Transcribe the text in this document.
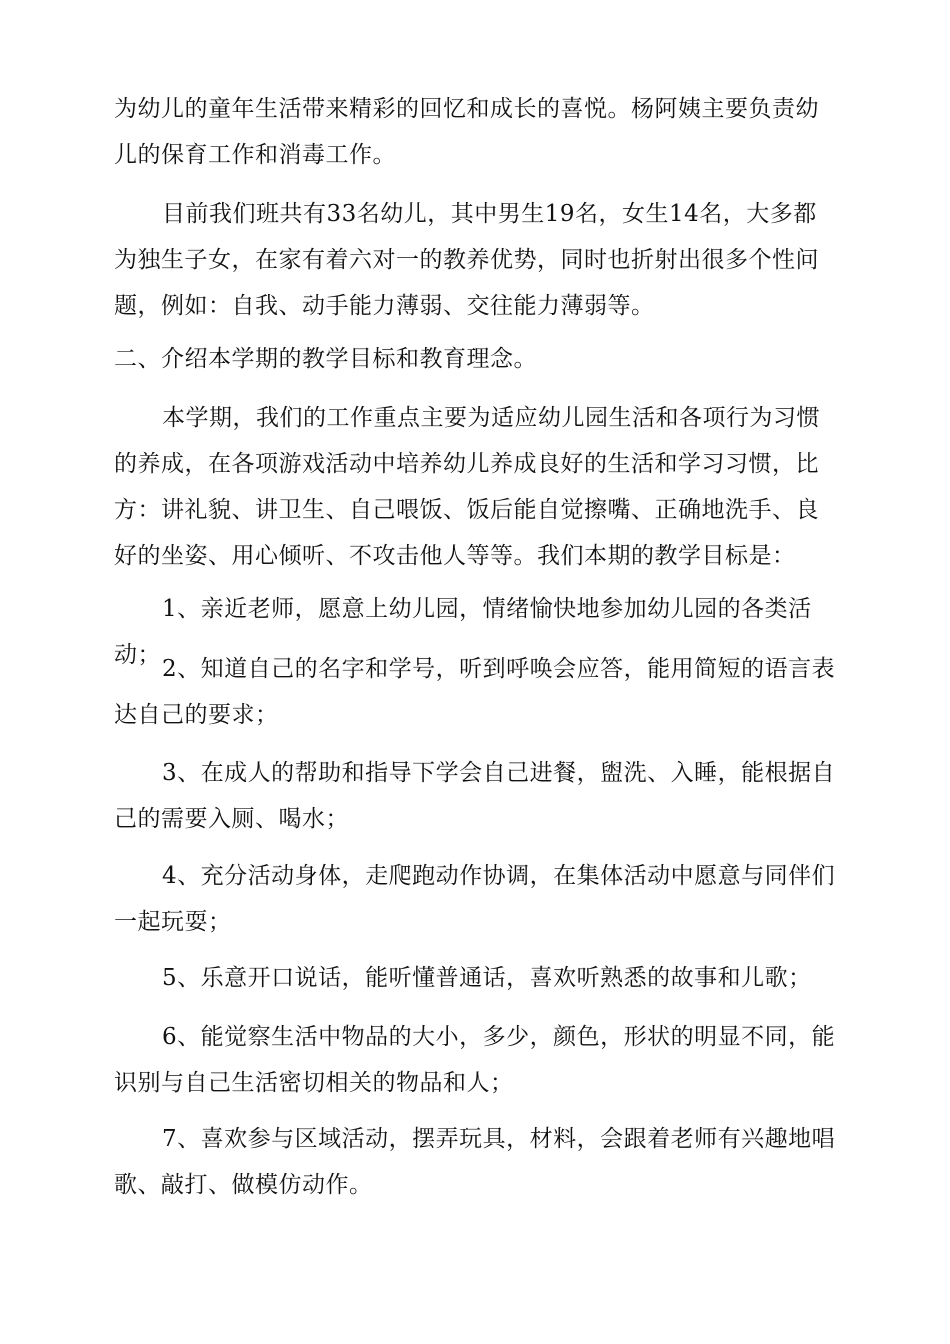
为幼儿的童年生活带来精彩的回忆和成长的喜悦。杨阿姨主要负责幼儿的保育工作和消毒工作。

目前我们班共有33名幼儿，其中男生19名，女生14名，大多都为独生子女，在家有着六对一的教养优势，同时也折射出很多个性问题，例如：自我、动手能力薄弱、交往能力薄弱等。

二、介绍本学期的教学目标和教育理念。

本学期，我们的工作重点主要为适应幼儿园生活和各项行为习惯的养成，在各项游戏活动中培养幼儿养成良好的生活和学习习惯，比方：讲礼貌、讲卫生、自己喂饭、饭后能自觉擦嘴、正确地洗手、良好的坐姿、用心倾听、不攻击他人等等。我们本期的教学目标是：

1、亲近老师，愿意上幼儿园，情绪愉快地参加幼儿园的各类活动；

2、知道自己的名字和学号，听到呼唤会应答，能用简短的语言表达自己的要求；

3、在成人的帮助和指导下学会自己进餐，盥洗、入睡，能根据自己的需要入厕、喝水；

4、充分活动身体，走爬跑动作协调，在集体活动中愿意与同伴们一起玩耍；

5、乐意开口说话，能听懂普通话，喜欢听熟悉的故事和儿歌；

6、能觉察生活中物品的大小，多少，颜色，形状的明显不同，能识别与自己生活密切相关的物品和人；

7、喜欢参与区域活动，摆弄玩具，材料，会跟着老师有兴趣地唱歌、敲打、做模仿动作。
